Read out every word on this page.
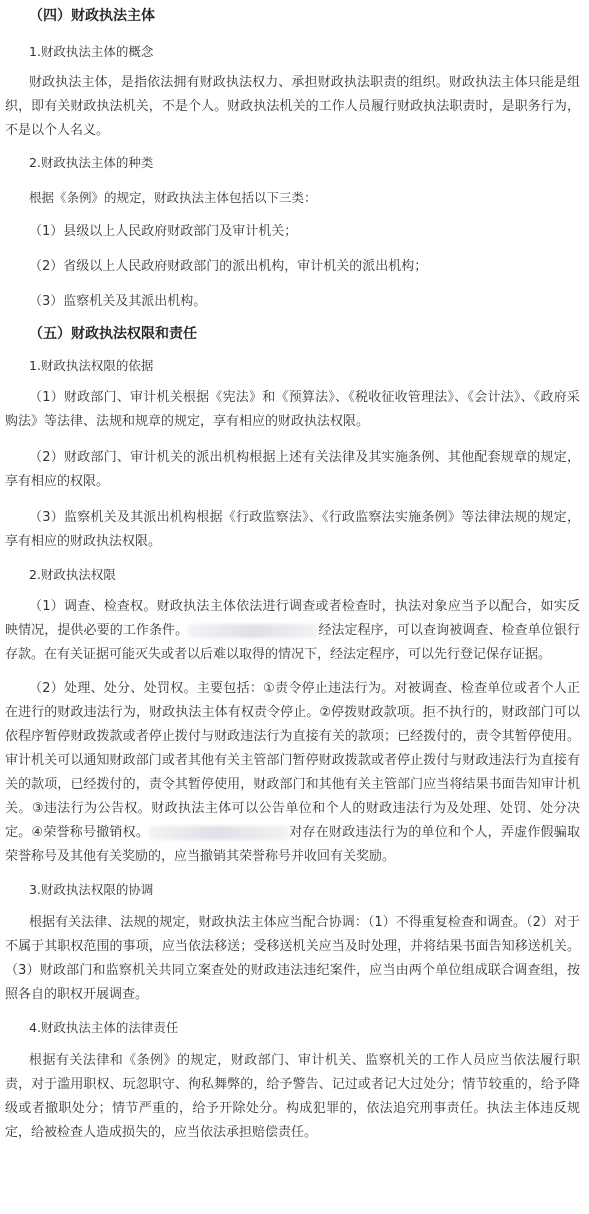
（四）财政执法主体

1.财政执法主体的概念

财政执法主体，是指依法拥有财政执法权力、承担财政执法职责的组织。财政执法主体只能是组织，即有关财政执法机关，不是个人。财政执法机关的工作人员履行财政执法职责时，是职务行为，不是以个人名义。

2.财政执法主体的种类

根据《条例》的规定，财政执法主体包括以下三类：

（1）县级以上人民政府财政部门及审计机关；

（2）省级以上人民政府财政部门的派出机构，审计机关的派出机构；

（3）监察机关及其派出机构。

（五）财政执法权限和责任

1.财政执法权限的依据

（1）财政部门、审计机关根据《宪法》和《预算法》、《税收征收管理法》、《会计法》、《政府采购法》等法律、法规和规章的规定，享有相应的财政执法权限。

（2）财政部门、审计机关的派出机构根据上述有关法律及其实施条例、其他配套规章的规定，享有相应的权限。

（3）监察机关及其派出机构根据《行政监察法》、《行政监察法实施条例》等法律法规的规定，享有相应的财政执法权限。

2.财政执法权限

（1）调查、检查权。财政执法主体依法进行调查或者检查时，执法对象应当予以配合，如实反映情况，提供必要的工作条件。	经法定程序，可以查询被调查、检查单位银行存款。在有关证据可能灭失或者以后难以取得的情况下，经法定程序，可以先行登记保存证据。

（2）处理、处分、处罚权。主要包括：①责令停止违法行为。对被调查、检查单位或者个人正在进行的财政违法行为，财政执法主体有权责令停止。②停拨财政款项。拒不执行的，财政部门可以依程序暂停财政拨款或者停止拨付与财政违法行为直接有关的款项；已经拨付的，责令其暂停使用。审计机关可以通知财政部门或者其他有关主管部门暂停财政拨款或者停止拨付与财政违法行为直接有关的款项，已经拨付的，责令其暂停使用，财政部门和其他有关主管部门应当将结果书面告知审计机关。③违法行为公告权。财政执法主体可以公告单位和个人的财政违法行为及处理、处罚、处分决定。④荣誉称号撤销权。	对存在财政违法行为的单位和个人，弄虚作假骗取荣誉称号及其他有关奖励的，应当撤销其荣誉称号并收回有关奖励。

3.财政执法权限的协调

根据有关法律、法规的规定，财政执法主体应当配合协调：（1）不得重复检查和调查。（2）对于不属于其职权范围的事项，应当依法移送；受移送机关应当及时处理，并将结果书面告知移送机关。（3）财政部门和监察机关共同立案查处的财政违法违纪案件，应当由两个单位组成联合调查组，按照各自的职权开展调查。

4.财政执法主体的法律责任

根据有关法律和《条例》的规定，财政部门、审计机关、监察机关的工作人员应当依法履行职责，对于滥用职权、玩忽职守、徇私舞弊的，给予警告、记过或者记大过处分；情节较重的，给予降级或者撤职处分；情节严重的，给予开除处分。构成犯罪的，依法追究刑事责任。执法主体违反规定，给被检查人造成损失的，应当依法承担赔偿责任。
